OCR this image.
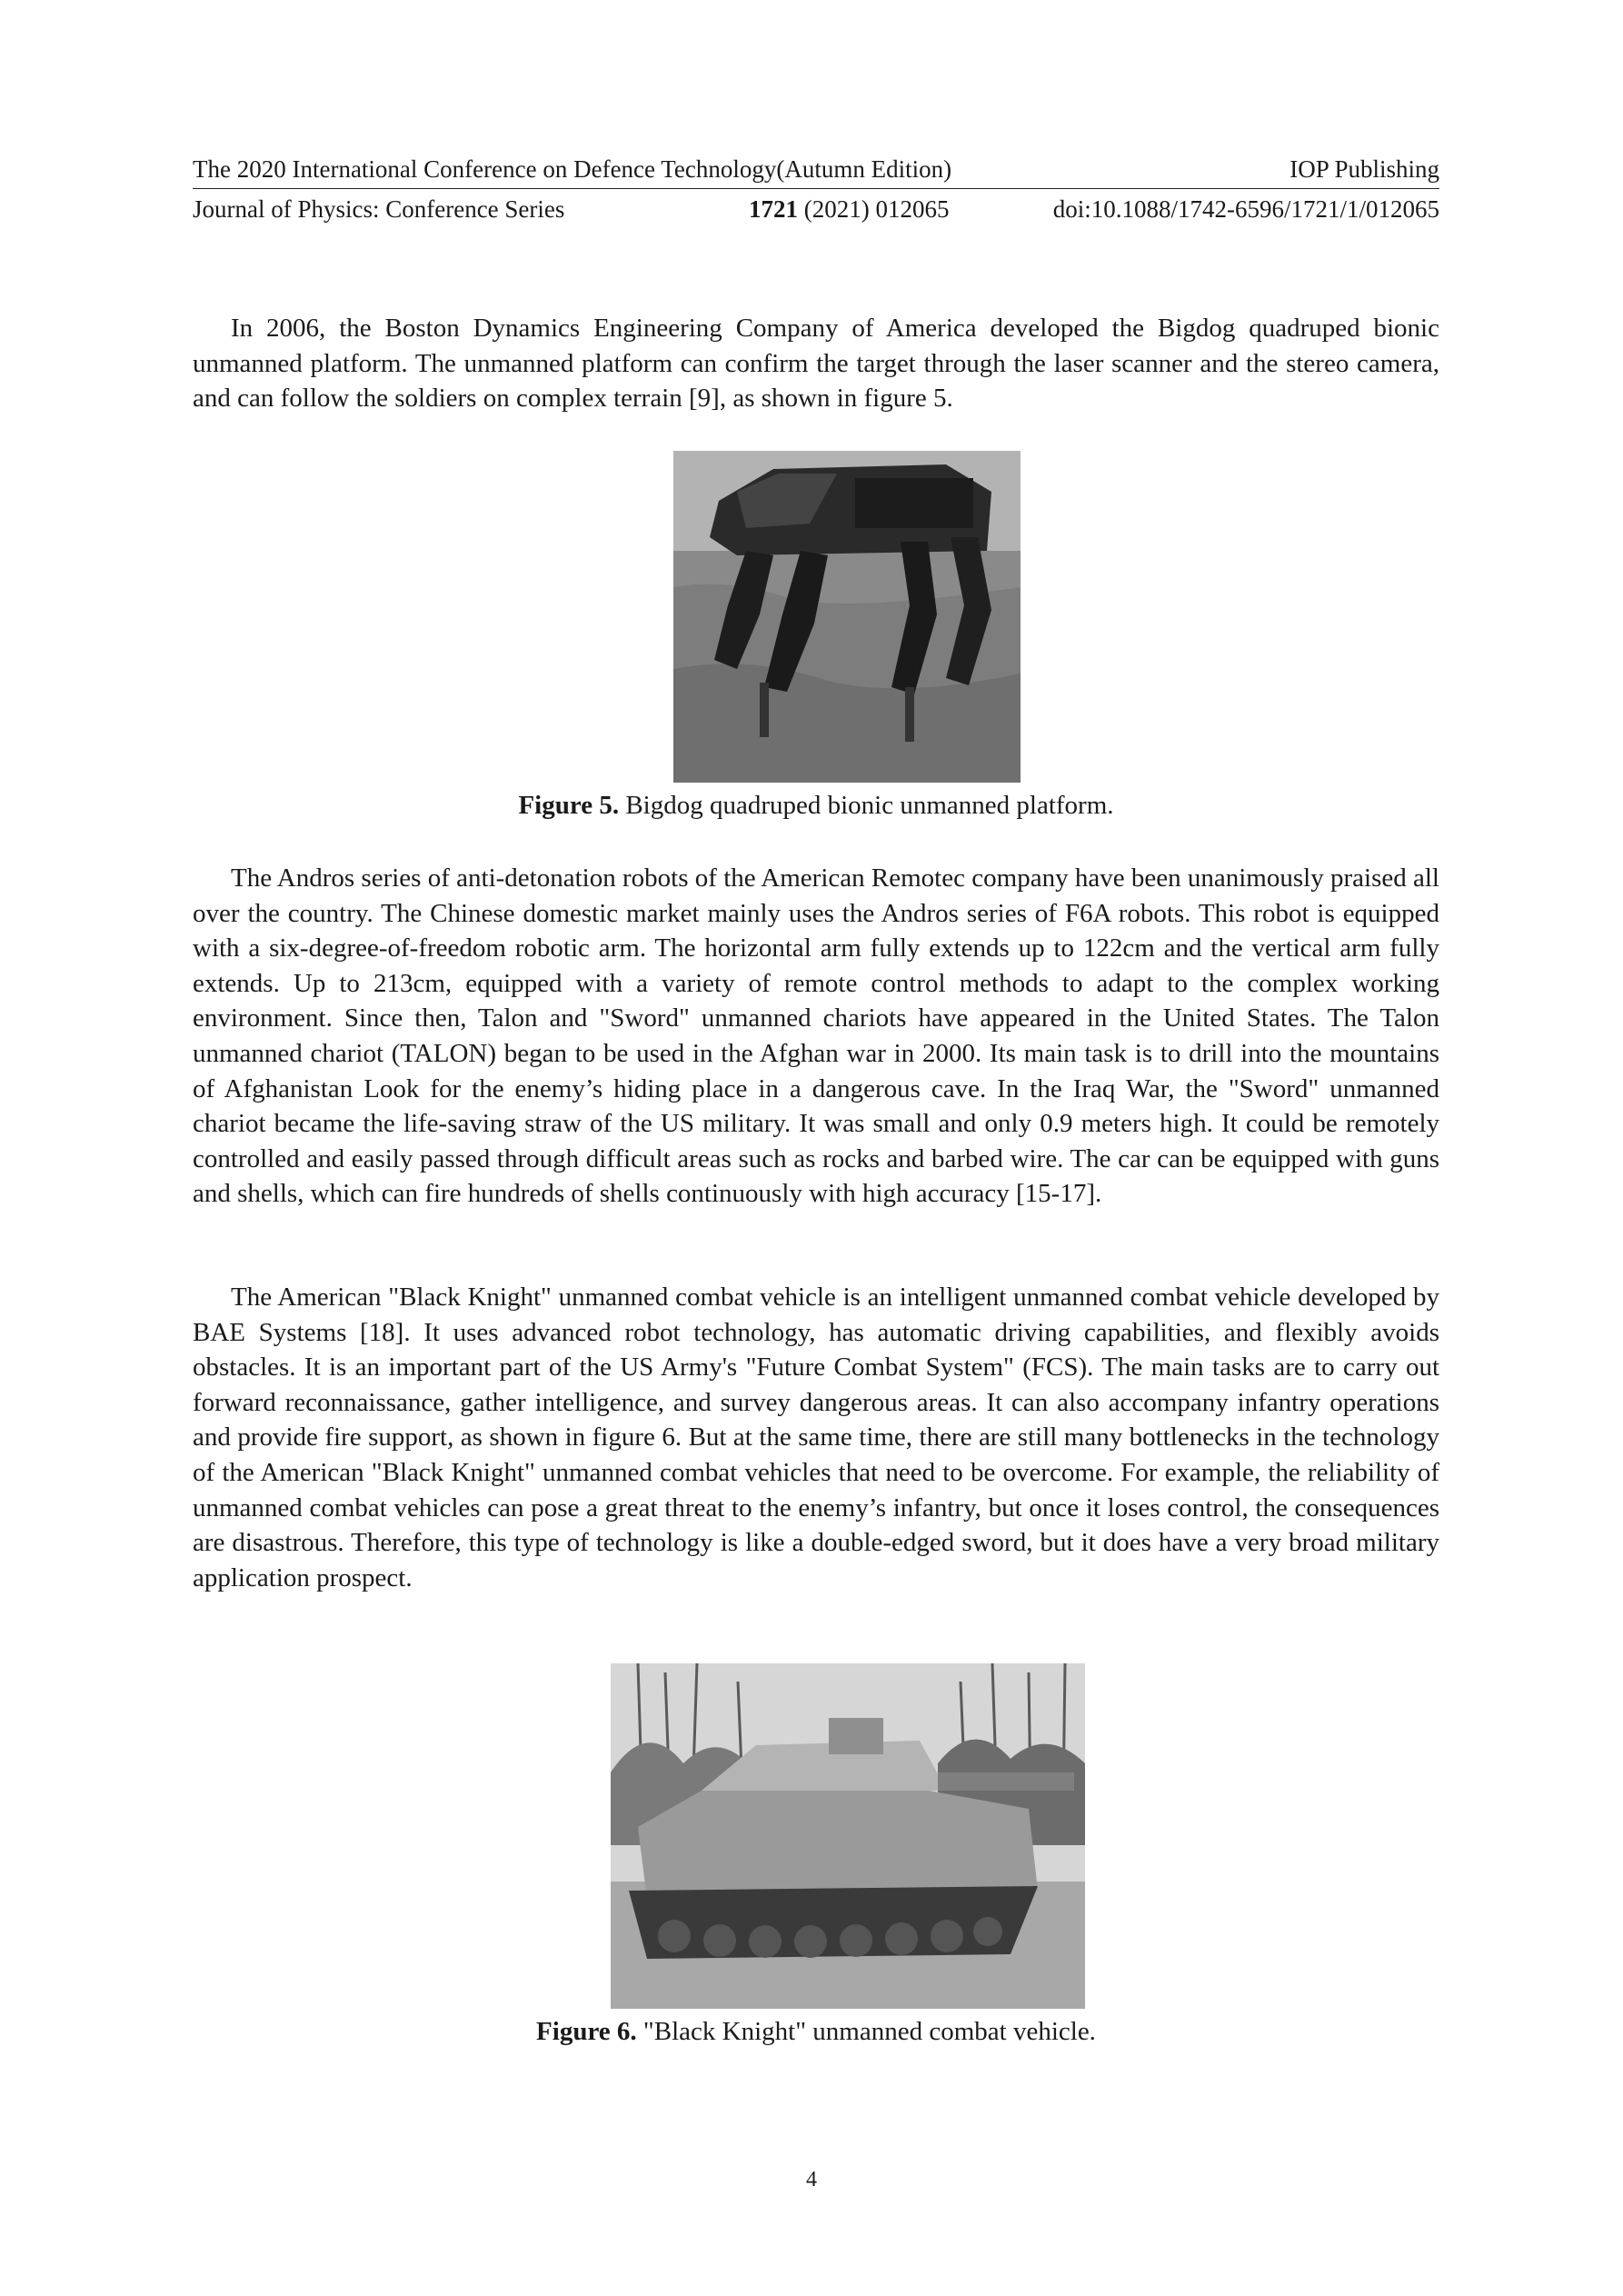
The 2020 International Conference on Defence Technology(Autumn Edition)	IOP Publishing
Journal of Physics: Conference Series	1721 (2021) 012065	doi:10.1088/1742-6596/1721/1/012065

In 2006, the Boston Dynamics Engineering Company of America developed the Bigdog quadruped bionic unmanned platform. The unmanned platform can confirm the target through the laser scanner and the stereo camera, and can follow the soldiers on complex terrain [9], as shown in figure 5.

Figure 5. Bigdog quadruped bionic unmanned platform.

The Andros series of anti-detonation robots of the American Remotec company have been unanimously praised all over the country. The Chinese domestic market mainly uses the Andros series of F6A robots. This robot is equipped with a six-degree-of-freedom robotic arm. The horizontal arm fully extends up to 122cm and the vertical arm fully extends. Up to 213cm, equipped with a variety of remote control methods to adapt to the complex working environment. Since then, Talon and "Sword" unmanned chariots have appeared in the United States. The Talon unmanned chariot (TALON) began to be used in the Afghan war in 2000. Its main task is to drill into the mountains of Afghanistan Look for the enemy’s hiding place in a dangerous cave. In the Iraq War, the "Sword" unmanned chariot became the life-saving straw of the US military. It was small and only 0.9 meters high. It could be remotely controlled and easily passed through difficult areas such as rocks and barbed wire. The car can be equipped with guns and shells, which can fire hundreds of shells continuously with high accuracy [15-17].

The American "Black Knight" unmanned combat vehicle is an intelligent unmanned combat vehicle developed by BAE Systems [18]. It uses advanced robot technology, has automatic driving capabilities, and flexibly avoids obstacles. It is an important part of the US Army's "Future Combat System" (FCS). The main tasks are to carry out forward reconnaissance, gather intelligence, and survey dangerous areas. It can also accompany infantry operations and provide fire support, as shown in figure 6. But at the same time, there are still many bottlenecks in the technology of the American "Black Knight" unmanned combat vehicles that need to be overcome. For example, the reliability of unmanned combat vehicles can pose a great threat to the enemy’s infantry, but once it loses control, the consequences are disastrous. Therefore, this type of technology is like a double-edged sword, but it does have a very broad military application prospect.

Figure 6. "Black Knight" unmanned combat vehicle.
4
